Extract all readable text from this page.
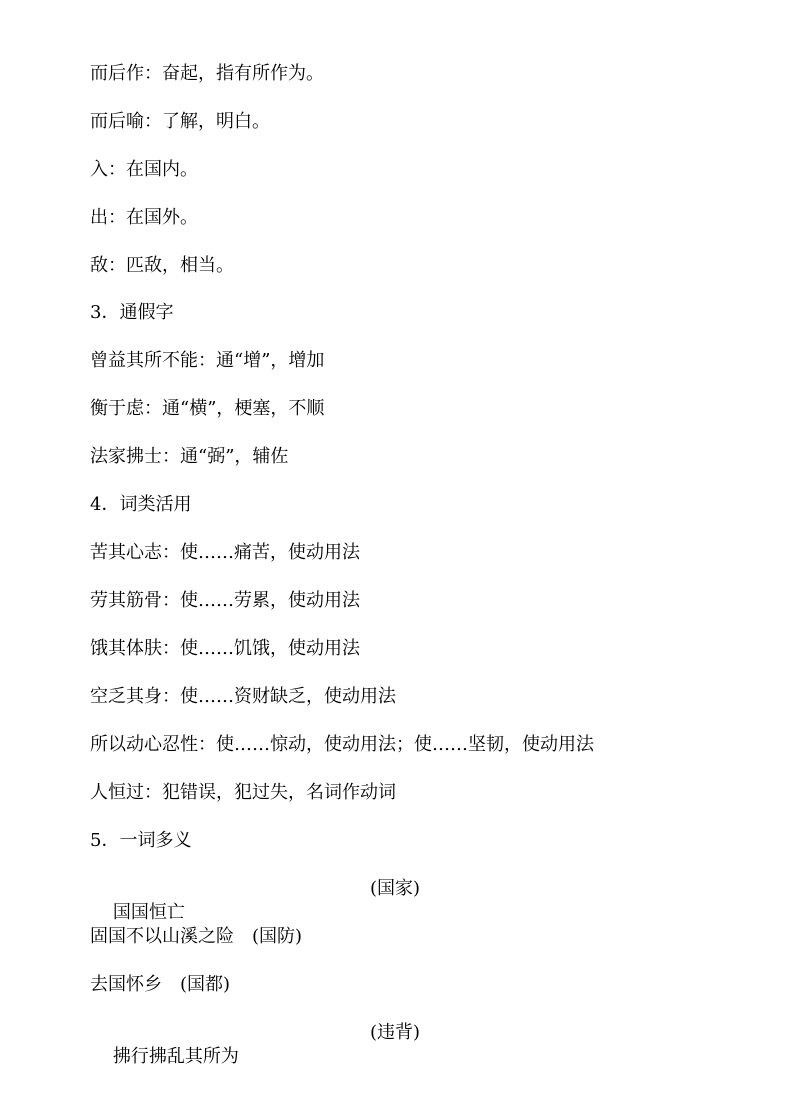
而后作：奋起，指有所作为。
而后喻：了解，明白。
入：在国内。
出：在国外。
敌：匹敌，相当。
3．通假字
曾益其所不能：通“增”，增加
衡于虑：通“横”，梗塞，不顺
法家拂士：通“弼”，辅佐
4．词类活用
苦其心志：使……痛苦，使动用法
劳其筋骨：使……劳累，使动用法
饿其体肤：使……饥饿，使动用法
空乏其身：使……资财缺乏，使动用法
所以动心忍性：使……惊动，使动用法；使……坚韧，使动用法
人恒过：犯错误，犯过失，名词作动词
5．一词多义

国国恒亡

(国家)
固国不以山溪之险　(国防)
去国怀乡　(国都)

拂行拂乱其所为

(违背)
